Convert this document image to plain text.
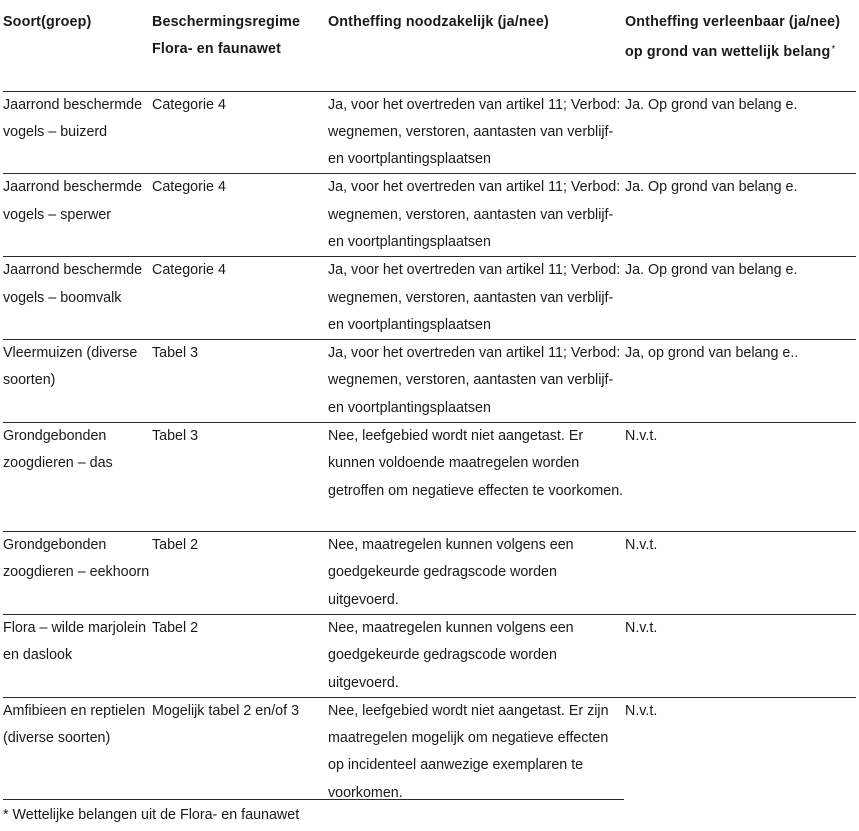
Soort(groep)	Beschermingsregime Flora- en faunawet	Ontheffing noodzakelijk (ja/nee)	Ontheffing verleenbaar (ja/nee) op grond van wettelijk belang*
Jaarrond beschermde vogels – buizerd	Categorie 4	Ja, voor het overtreden van artikel 11; Verbod: wegnemen, verstoren, aantasten van verblijf- en voortplantingsplaatsen	Ja. Op grond van belang e.
Jaarrond beschermde vogels – sperwer	Categorie 4	Ja, voor het overtreden van artikel 11; Verbod: wegnemen, verstoren, aantasten van verblijf- en voortplantingsplaatsen	Ja. Op grond van belang e.
Jaarrond beschermde vogels – boomvalk	Categorie 4	Ja, voor het overtreden van artikel 11; Verbod: wegnemen, verstoren, aantasten van verblijf- en voortplantingsplaatsen	Ja. Op grond van belang e.
Vleermuizen (diverse soorten)	Tabel 3	Ja, voor het overtreden van artikel 11; Verbod: wegnemen, verstoren, aantasten van verblijf- en voortplantingsplaatsen	Ja, op grond van belang e..
Grondgebonden zoogdieren – das	Tabel 3	Nee, leefgebied wordt niet aangetast. Er kunnen voldoende maatregelen worden getroffen om negatieve effecten te voorkomen.	N.v.t.
Grondgebonden zoogdieren – eekhoorn	Tabel 2	Nee, maatregelen kunnen volgens een goedgekeurde gedragscode worden uitgevoerd.	N.v.t.
Flora – wilde marjolein en daslook	Tabel 2	Nee, maatregelen kunnen volgens een goedgekeurde gedragscode worden uitgevoerd.	N.v.t.
Amfibieen en reptielen (diverse soorten)	Mogelijk tabel 2 en/of 3	Nee, leefgebied wordt niet aangetast. Er zijn maatregelen mogelijk om negatieve effecten op incidenteel aanwezige exemplaren te voorkomen.	N.v.t.
* Wettelijke belangen uit de Flora- en faunawet
